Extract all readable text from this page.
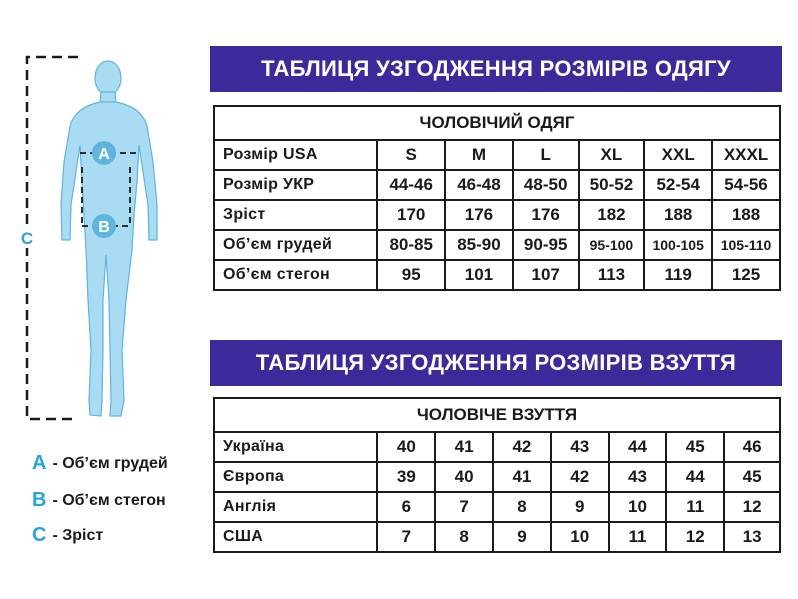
A
B
C
ТАБЛИЦЯ УЗГОДЖЕННЯ РОЗМІРІВ ОДЯГУ
ЧОЛОВІЧИЙ ОДЯГ						
Розмір USA	S	M	L	XL	XXL	XXXL
Розмір УКР	44-46	46-48	48-50	50-52	52-54	54-56
Зріст	170	176	176	182	188	188
Об’єм грудей	80-85	85-90	90-95	95-100	100-105	105-110
Об’єм стегон	95	101	107	113	119	125
ТАБЛИЦЯ УЗГОДЖЕННЯ РОЗМІРІВ ВЗУТТЯ
ЧОЛОВІЧЕ ВЗУТТЯ							
Україна	40	41	42	43	44	45	46
Європа	39	40	41	42	43	44	45
Англія	6	7	8	9	10	11	12
США	7	8	9	10	11	12	13
A - Об’єм грудей
B - Об’єм стегон
C - Зріст
